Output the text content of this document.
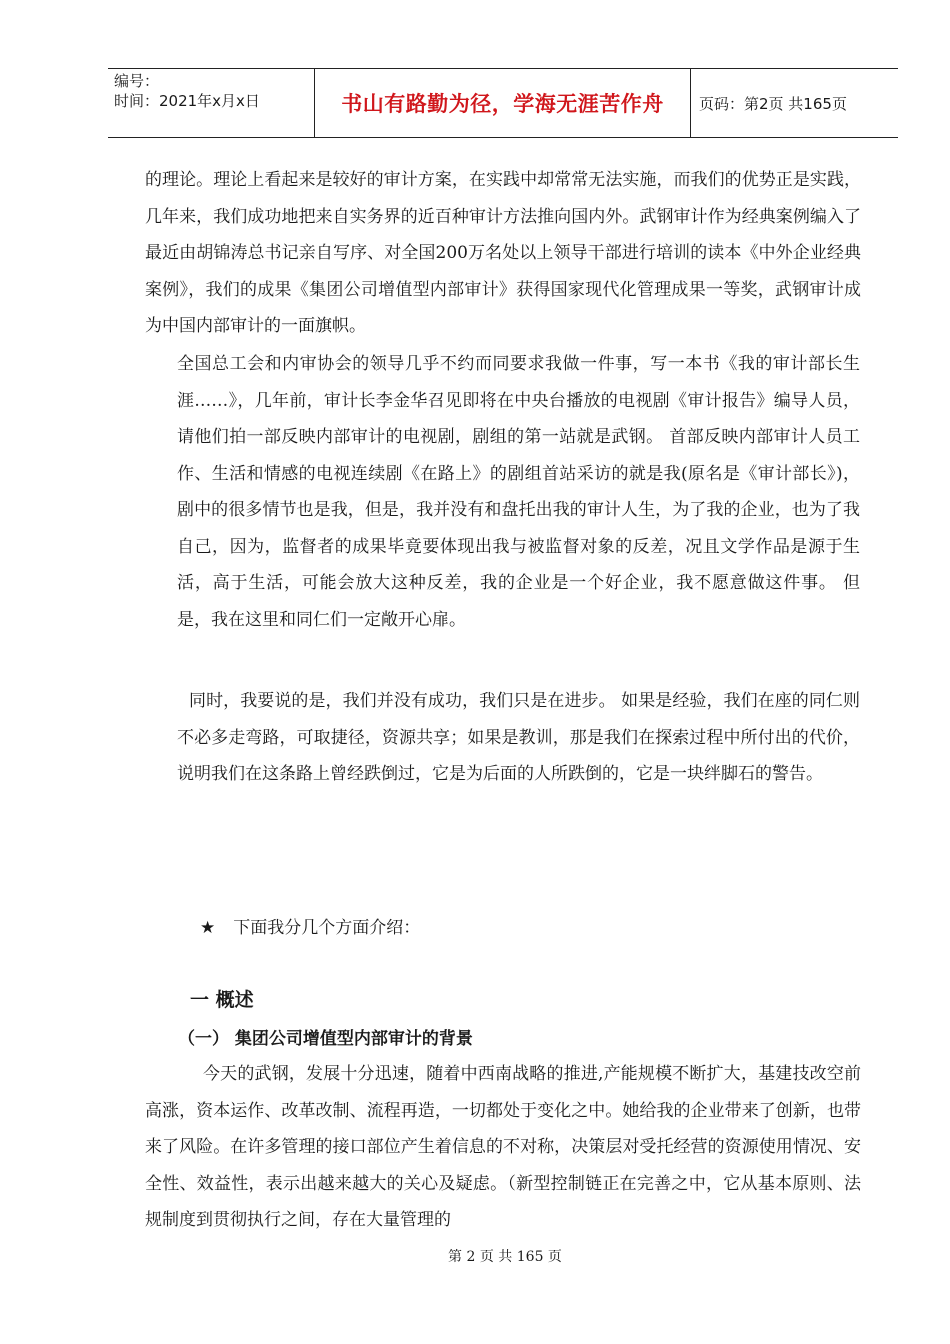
编号：
时间：2021年x月x日	书山有路勤为径，学海无涯苦作舟	页码：第2页 共165页

的理论。理论上看起来是较好的审计方案，在实践中却常常无法实施，而我们的优势正是实践，几年来，我们成功地把来自实务界的近百种审计方法推向国内外。武钢审计作为经典案例编入了最近由胡锦涛总书记亲自写序、对全国200万名处以上领导干部进行培训的读本《中外企业经典案例》，我们的成果《集团公司增值型内部审计》获得国家现代化管理成果一等奖，武钢审计成为中国内部审计的一面旗帜。

全国总工会和内审协会的领导几乎不约而同要求我做一件事，写一本书《我的审计部长生涯……》，几年前，审计长李金华召见即将在中央台播放的电视剧《审计报告》编导人员，请他们拍一部反映内部审计的电视剧，剧组的第一站就是武钢。 首部反映内部审计人员工作、生活和情感的电视连续剧《在路上》的剧组首站采访的就是我(原名是《审计部长》)，剧中的很多情节也是我，但是，我并没有和盘托出我的审计人生，为了我的企业，也为了我自己，因为，监督者的成果毕竟要体现出我与被监督对象的反差，况且文学作品是源于生活，高于生活，可能会放大这种反差，我的企业是一个好企业，我不愿意做这件事。 但是，我在这里和同仁们一定敞开心扉。

同时，我要说的是，我们并没有成功，我们只是在进步。 如果是经验，我们在座的同仁则不必多走弯路，可取捷径，资源共享；如果是教训，那是我们在探索过程中所付出的代价，说明我们在这条路上曾经跌倒过，它是为后面的人所跌倒的，它是一块绊脚石的警告。

★ 下面我分几个方面介绍：
一 概述
（一） 集团公司增值型内部审计的背景

今天的武钢，发展十分迅速，随着中西南战略的推进,产能规模不断扩大，基建技改空前高涨，资本运作、改革改制、流程再造，一切都处于变化之中。她给我的企业带来了创新，也带来了风险。在许多管理的接口部位产生着信息的不对称，决策层对受托经营的资源使用情况、安全性、效益性，表示出越来越大的关心及疑虑。（新型控制链正在完善之中，它从基本原则、法规制度到贯彻执行之间，存在大量管理的

第 2 页 共 165 页
